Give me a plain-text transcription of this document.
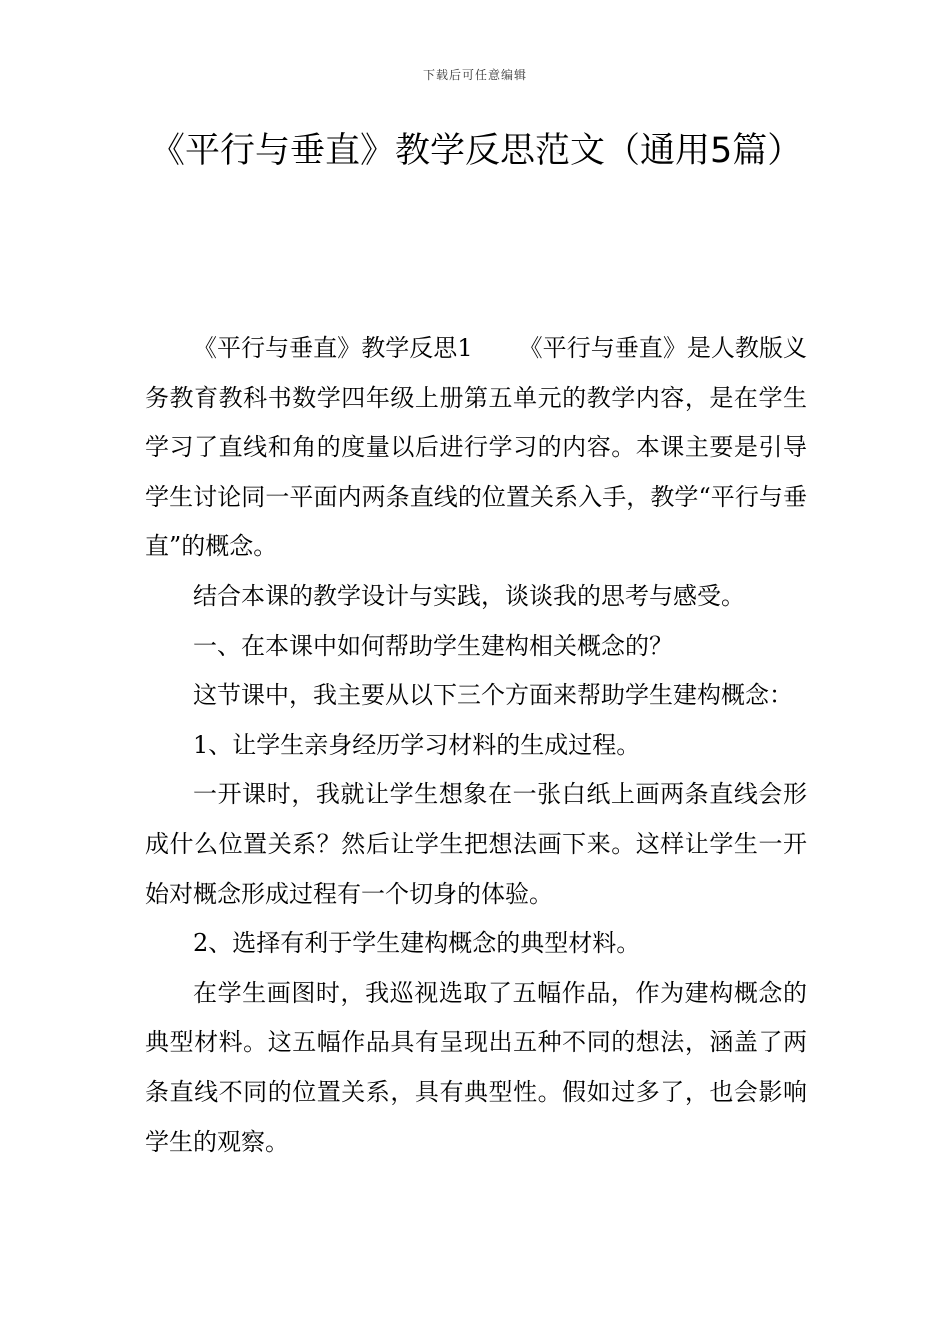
下载后可任意编辑
《平行与垂直》教学反思范文（通用5篇）

《平行与垂直》教学反思1 《平行与垂直》是人教版义务教育教科书数学四年级上册第五单元的教学内容，是在学生学习了直线和角的度量以后进行学习的内容。本课主要是引导学生讨论同一平面内两条直线的位置关系入手，教学“平行与垂直”的概念。

结合本课的教学设计与实践，谈谈我的思考与感受。

一、在本课中如何帮助学生建构相关概念的？

这节课中，我主要从以下三个方面来帮助学生建构概念：

1、让学生亲身经历学习材料的生成过程。

一开课时，我就让学生想象在一张白纸上画两条直线会形成什么位置关系？然后让学生把想法画下来。这样让学生一开始对概念形成过程有一个切身的体验。

2、选择有利于学生建构概念的典型材料。

在学生画图时，我巡视选取了五幅作品，作为建构概念的典型材料。这五幅作品具有呈现出五种不同的想法，涵盖了两条直线不同的位置关系，具有典型性。假如过多了，也会影响学生的观察。
